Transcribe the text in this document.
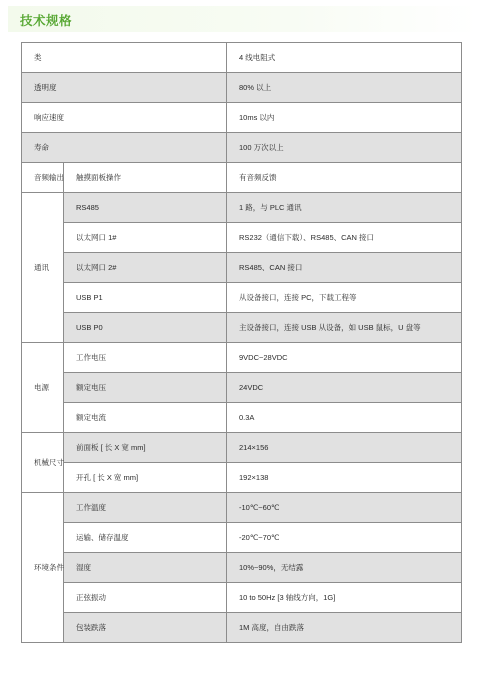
技术规格
类		4 线电阻式
透明度		80% 以上
响应速度		10ms 以内
寿命		100 万次以上
音频输出	触摸面板操作	有音频反馈
通讯	RS485	1 路，与 PLC 通讯
	以太网口 1#	RS232（通信下载）、RS485、CAN 接口
	以太网口 2#	RS485、CAN 接口
	USB P1	从设备接口，连接 PC，下载工程等
	USB P0	主设备接口，连接 USB 从设备，如 USB 鼠标，U 盘等
电源	工作电压	9VDC~28VDC
	额定电压	24VDC
	额定电流	0.3A
机械尺寸	前面板 [ 长 X 宽 mm]	214×156
	开孔 [ 长 X 宽 mm]	192×138
环境条件	工作温度	-10℃~60℃
	运输、储存温度	-20℃~70℃
	湿度	10%~90%，无结露
	正弦振动	10 to 50Hz [3 轴线方向，1G]
	包装跌落	1M 高度，自由跌落
